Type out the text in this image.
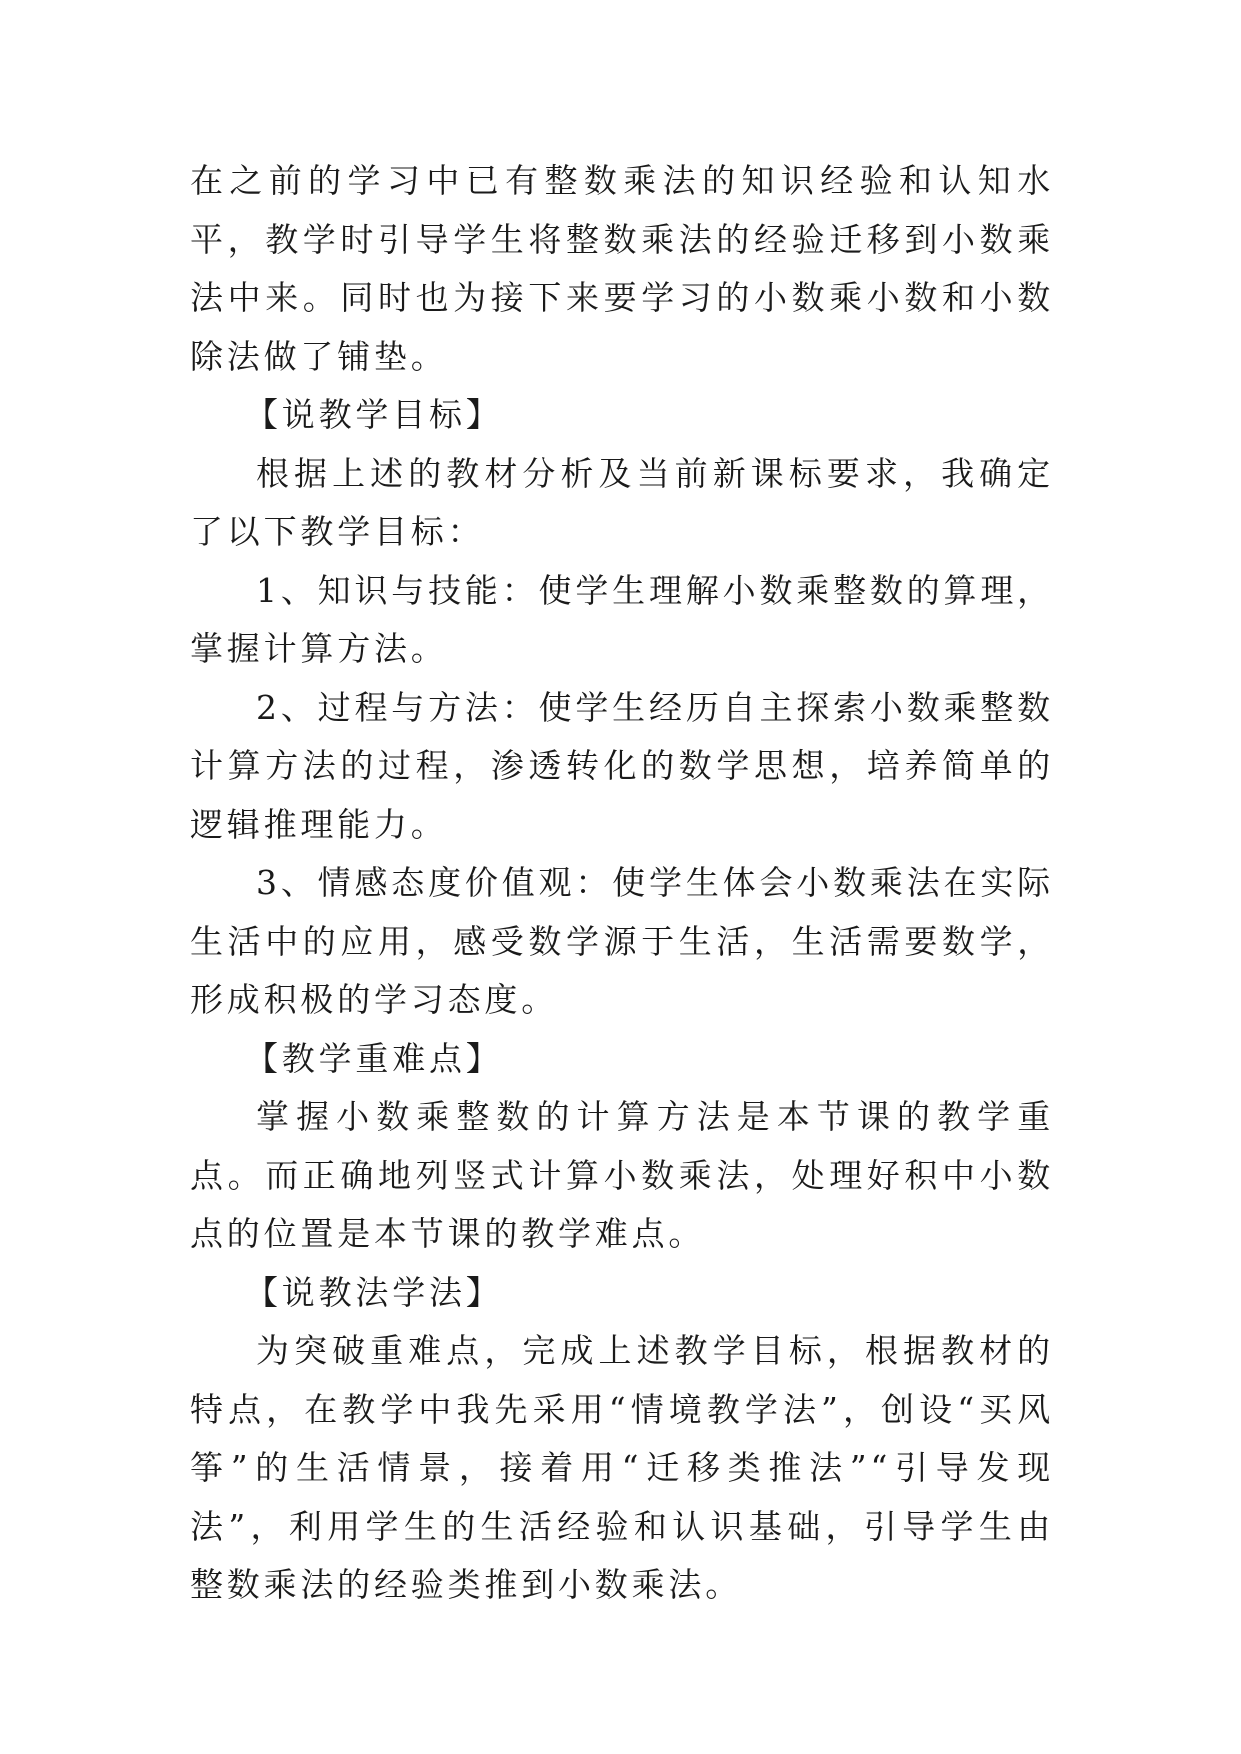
在之前的学习中已有整数乘法的知识经验和认知水平，教学时引导学生将整数乘法的经验迁移到小数乘法中来。同时也为接下来要学习的小数乘小数和小数除法做了铺垫。

【说教学目标】

根据上述的教材分析及当前新课标要求，我确定了以下教学目标：

1、知识与技能：使学生理解小数乘整数的算理，掌握计算方法。

2、过程与方法：使学生经历自主探索小数乘整数计算方法的过程，渗透转化的数学思想，培养简单的逻辑推理能力。

3、情感态度价值观：使学生体会小数乘法在实际生活中的应用，感受数学源于生活，生活需要数学，形成积极的学习态度。

【教学重难点】

掌握小数乘整数的计算方法是本节课的教学重点。而正确地列竖式计算小数乘法，处理好积中小数点的位置是本节课的教学难点。

【说教法学法】

为突破重难点，完成上述教学目标，根据教材的特点，在教学中我先采用“情境教学法”，创设“买风筝”的生活情景，接着用“迁移类推法”“引导发现法”，利用学生的生活经验和认识基础，引导学生由整数乘法的经验类推到小数乘法。
